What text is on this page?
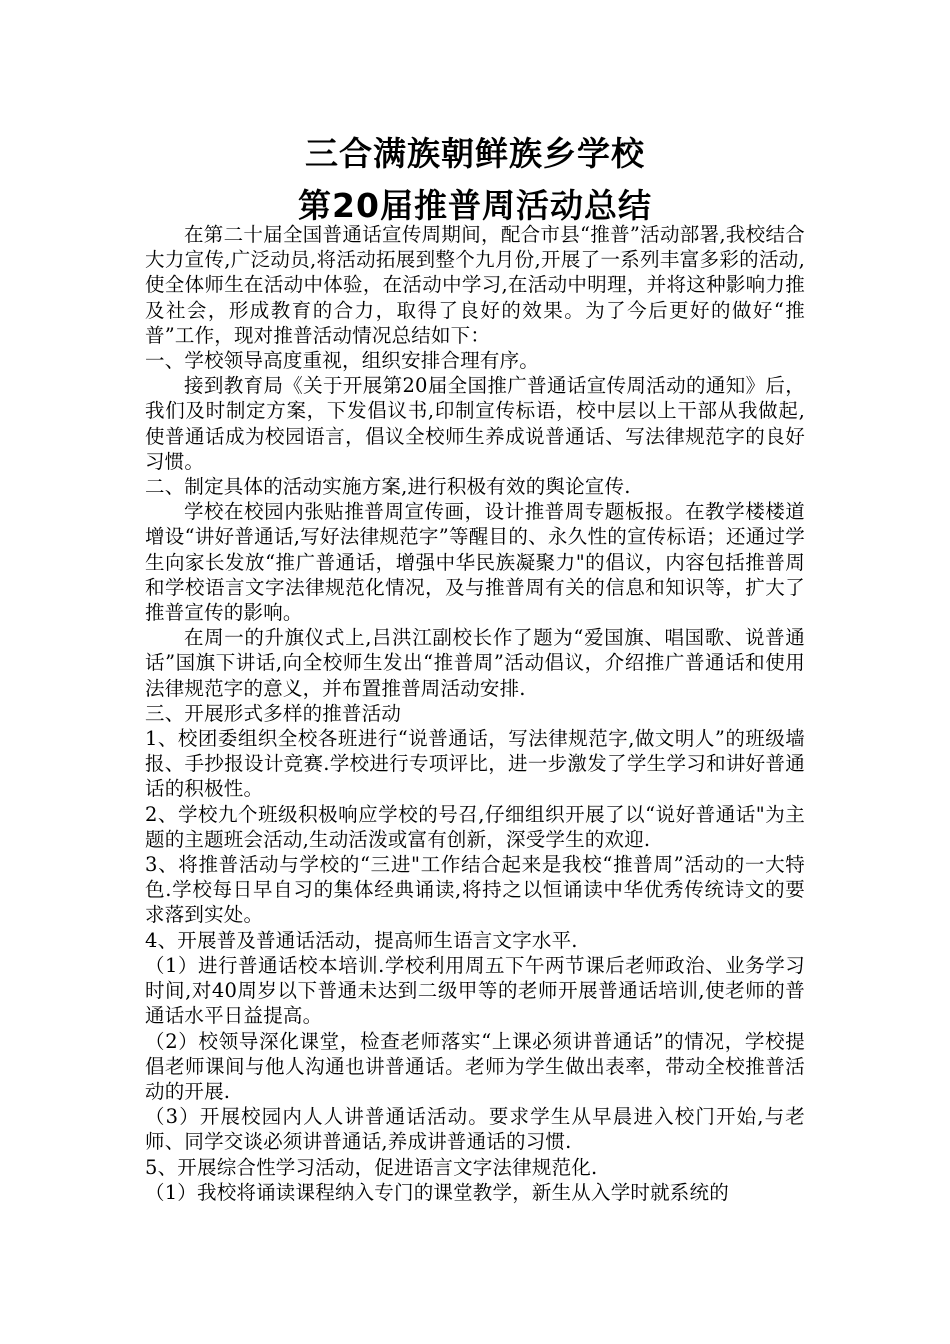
三合满族朝鲜族乡学校
第20届推普周活动总结

在第二十届全国普通话宣传周期间，配合市县“推普”活动部署,我校结合大力宣传,广泛动员,将活动拓展到整个九月份,开展了一系列丰富多彩的活动,使全体师生在活动中体验，在活动中学习,在活动中明理，并将这种影响力推及社会，形成教育的合力，取得了良好的效果。为了今后更好的做好“推普”工作，现对推普活动情况总结如下：

一、学校领导高度重视，组织安排合理有序。

接到教育局《关于开展第20届全国推广普通话宣传周活动的通知》后，我们及时制定方案，下发倡议书,印制宣传标语，校中层以上干部从我做起,使普通话成为校园语言，倡议全校师生养成说普通话、写法律规范字的良好习惯。

二、制定具体的活动实施方案,进行积极有效的舆论宣传.

学校在校园内张贴推普周宣传画，设计推普周专题板报。在教学楼楼道增设“讲好普通话,写好法律规范字”等醒目的、永久性的宣传标语；还通过学生向家长发放“推广普通话，增强中华民族凝聚力"的倡议，内容包括推普周和学校语言文字法律规范化情况，及与推普周有关的信息和知识等，扩大了推普宣传的影响。

在周一的升旗仪式上,吕洪江副校长作了题为“爱国旗、唱国歌、说普通话”国旗下讲话,向全校师生发出“推普周”活动倡议，介绍推广普通话和使用法律规范字的意义，并布置推普周活动安排.

三、开展形式多样的推普活动

1、校团委组织全校各班进行“说普通话，写法律规范字,做文明人”的班级墙报、手抄报设计竞赛.学校进行专项评比，进一步激发了学生学习和讲好普通话的积极性。

2、学校九个班级积极响应学校的号召,仔细组织开展了以“说好普通话"为主题的主题班会活动,生动活泼或富有创新，深受学生的欢迎.

3、将推普活动与学校的“三进"工作结合起来是我校“推普周”活动的一大特色.学校每日早自习的集体经典诵读,将持之以恒诵读中华优秀传统诗文的要求落到实处。

4、开展普及普通话活动，提高师生语言文字水平.

（1）进行普通话校本培训.学校利用周五下午两节课后老师政治、业务学习时间,对40周岁以下普通未达到二级甲等的老师开展普通话培训,使老师的普通话水平日益提高。

（2）校领导深化课堂，检查老师落实“上课必须讲普通话”的情况，学校提倡老师课间与他人沟通也讲普通话。老师为学生做出表率，带动全校推普活动的开展.

（3）开展校园内人人讲普通话活动。要求学生从早晨进入校门开始,与老师、同学交谈必须讲普通话,养成讲普通话的习惯.

5、开展综合性学习活动，促进语言文字法律规范化.

（1）我校将诵读课程纳入专门的课堂教学，新生从入学时就系统的
